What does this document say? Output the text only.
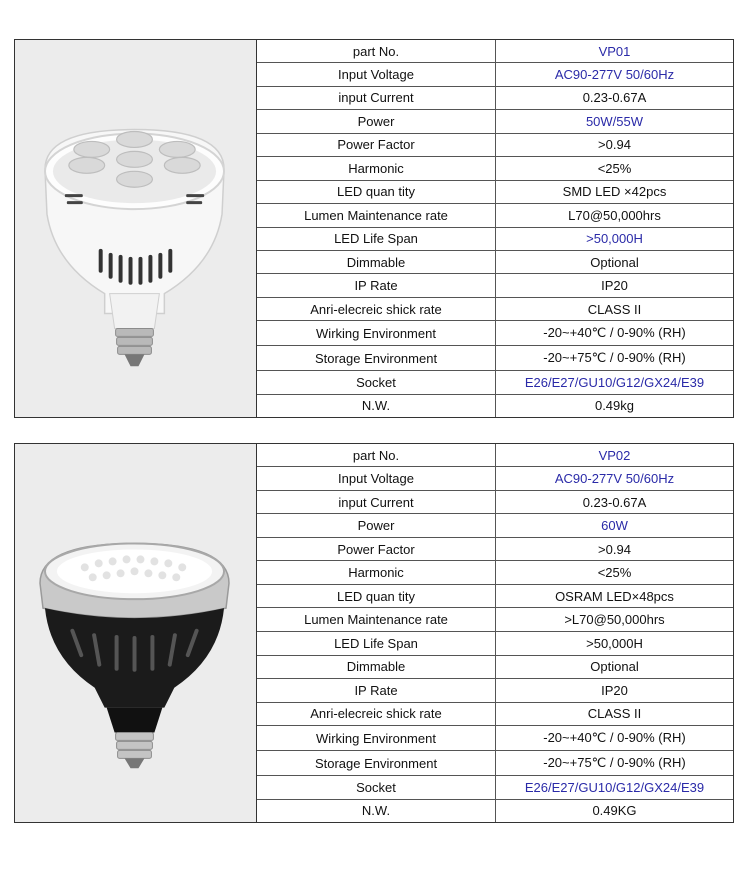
part No.	VP01
Input Voltage	AC90-277V 50/60Hz
input Current	0.23-0.67A
Power	50W/55W
Power Factor	>0.94
Harmonic	<25%
LED quan tity	SMD LED ×42pcs
Lumen Maintenance rate	L70@50,000hrs
LED Life Span	>50,000H
Dimmable	Optional
IP Rate	IP20
Anri-elecreic shick rate	CLASS II
Wirking Environment	-20~+40℃ / 0-90% (RH)
Storage Environment	-20~+75℃ / 0-90% (RH)
Socket	E26/E27/GU10/G12/GX24/E39
N.W.	0.49kg
part No.	VP02
Input Voltage	AC90-277V 50/60Hz
input Current	0.23-0.67A
Power	60W
Power Factor	>0.94
Harmonic	<25%
LED quan tity	OSRAM LED×48pcs
Lumen Maintenance rate	>L70@50,000hrs
LED Life Span	>50,000H
Dimmable	Optional
IP Rate	IP20
Anri-elecreic shick rate	CLASS II
Wirking Environment	-20~+40℃ / 0-90% (RH)
Storage Environment	-20~+75℃ / 0-90% (RH)
Socket	E26/E27/GU10/G12/GX24/E39
N.W.	0.49KG
